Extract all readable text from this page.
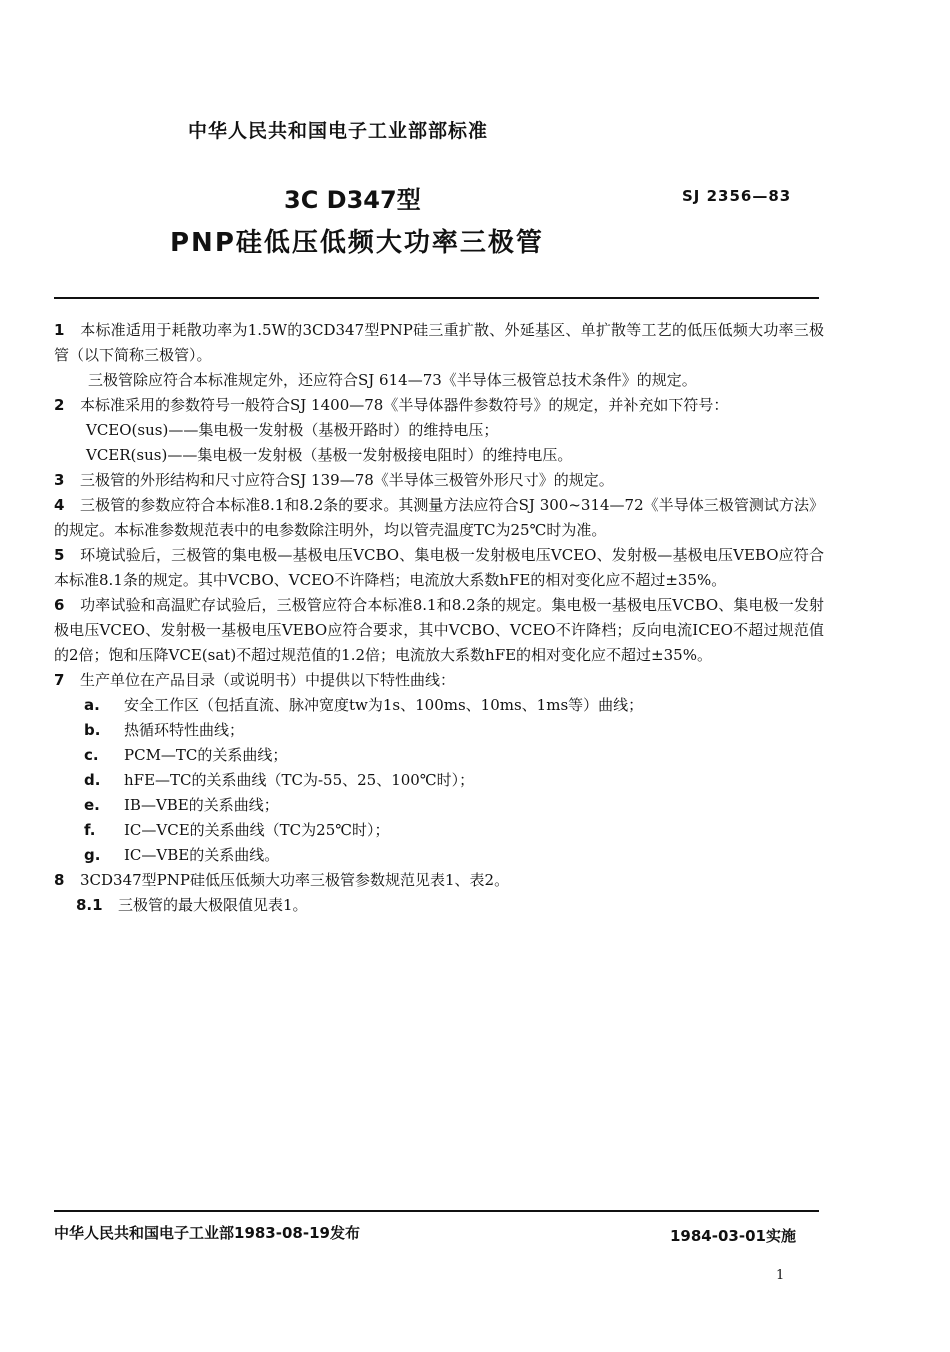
中华人民共和国电子工业部部标准
3C D347型	SJ 2356—83
PNP硅低压低频大功率三极管

1 本标准适用于耗散功率为1.5W的3CD347型PNP硅三重扩散、外延基区、单扩散等工艺的低压低频大功率三极管（以下简称三极管）。

三极管除应符合本标准规定外，还应符合SJ 614—73《半导体三极管总技术条件》的规定。

2 本标准采用的参数符号一般符合SJ 1400—78《半导体器件参数符号》的规定，并补充如下符号：

VCEO(sus)——集电极一发射极（基极开路时）的维持电压；

VCER(sus)——集电极一发射极（基极一发射极接电阻时）的维持电压。

3 三极管的外形结构和尺寸应符合SJ 139—78《半导体三极管外形尺寸》的规定。

4 三极管的参数应符合本标准8.1和8.2条的要求。其测量方法应符合SJ 300~314—72《半导体三极管测试方法》的规定。本标准参数规范表中的电参数除注明外，均以管壳温度TC为25℃时为准。

5 环境试验后，三极管的集电极—基极电压VCBO、集电极一发射极电压VCEO、发射极—基极电压VEBO应符合本标准8.1条的规定。其中VCBO、VCEO不许降档；电流放大系数hFE的相对变化应不超过±35%。

6 功率试验和高温贮存试验后，三极管应符合本标准8.1和8.2条的规定。集电极一基极电压VCBO、集电极一发射极电压VCEO、发射极一基极电压VEBO应符合要求，其中VCBO、VCEO不许降档；反向电流ICEO不超过规范值的2倍；饱和压降VCE(sat)不超过规范值的1.2倍；电流放大系数hFE的相对变化应不超过±35%。

7 生产单位在产品目录（或说明书）中提供以下特性曲线：

a.	安全工作区（包括直流、脉冲宽度tw为1s、100ms、10ms、1ms等）曲线；
b.	热循环特性曲线；
c.	PCM—TC的关系曲线；
d.	hFE—TC的关系曲线（TC为-55、25、100℃时）；
e.	IB—VBE的关系曲线；
f.	IC—VCE的关系曲线（TC为25℃时）；
g.	IC—VBE的关系曲线。

8 3CD347型PNP硅低压低频大功率三极管参数规范见表1、表2。

8.1 三极管的最大极限值见表1。

中华人民共和国电子工业部1983-08-19发布	1984-03-01实施
1
